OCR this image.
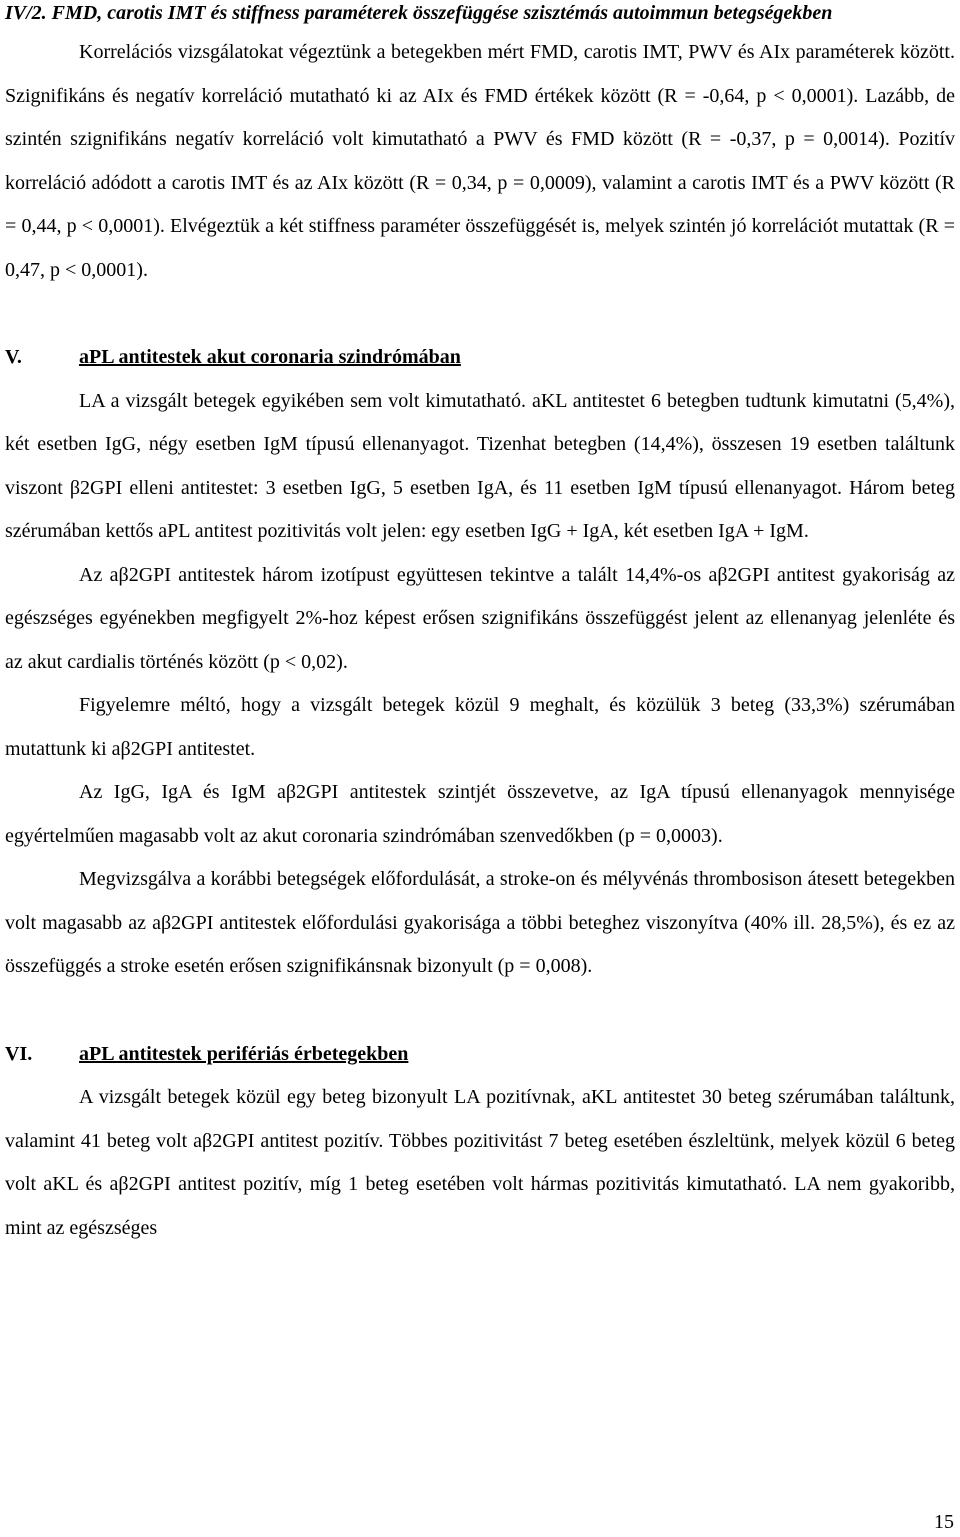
IV/2. FMD, carotis IMT és stiffness paraméterek összefüggése szisztémás autoimmun betegségekben

Korrelációs vizsgálatokat végeztünk a betegekben mért FMD, carotis IMT, PWV és AIx paraméterek között. Szignifikáns és negatív korreláció mutatható ki az AIx és FMD értékek között (R = -0,64, p < 0,0001). Lazább, de szintén szignifikáns negatív korreláció volt kimutatható a PWV és FMD között (R = -0,37, p = 0,0014). Pozitív korreláció adódott a carotis IMT és az AIx között (R = 0,34, p = 0,0009), valamint a carotis IMT és a PWV között (R = 0,44, p < 0,0001). Elvégeztük a két stiffness paraméter összefüggését is, melyek szintén jó korrelációt mutattak (R = 0,47, p < 0,0001).

V.	aPL antitestek akut coronaria szindrómában

LA a vizsgált betegek egyikében sem volt kimutatható. aKL antitestet 6 betegben tudtunk kimutatni (5,4%), két esetben IgG, négy esetben IgM típusú ellenanyagot. Tizenhat betegben (14,4%), összesen 19 esetben találtunk viszont β2GPI elleni antitestet: 3 esetben IgG, 5 esetben IgA, és 11 esetben IgM típusú ellenanyagot. Három beteg szérumában kettős aPL antitest pozitivitás volt jelen: egy esetben IgG + IgA, két esetben IgA + IgM.

Az aβ2GPI antitestek három izotípust együttesen tekintve a talált 14,4%-os aβ2GPI antitest gyakoriság az egészséges egyénekben megfigyelt 2%-hoz képest erősen szignifikáns összefüggést jelent az ellenanyag jelenléte és az akut cardialis történés között (p < 0,02).

Figyelemre méltó, hogy a vizsgált betegek közül 9 meghalt, és közülük 3 beteg (33,3%) szérumában mutattunk ki aβ2GPI antitestet.

Az IgG, IgA és IgM aβ2GPI antitestek szintjét összevetve, az IgA típusú ellenanyagok mennyisége egyértelműen magasabb volt az akut coronaria szindrómában szenvedőkben (p = 0,0003).

Megvizsgálva a korábbi betegségek előfordulását, a stroke-on és mélyvénás thrombosison átesett betegekben volt magasabb az aβ2GPI antitestek előfordulási gyakorisága a többi beteghez viszonyítva (40% ill. 28,5%), és ez az összefüggés a stroke esetén erősen szignifikánsnak bizonyult (p = 0,008).

VI.	aPL antitestek perifériás érbetegekben

A vizsgált betegek közül egy beteg bizonyult LA pozitívnak, aKL antitestet 30 beteg szérumában találtunk, valamint 41 beteg volt aβ2GPI antitest pozitív. Többes pozitivitást 7 beteg esetében észleltünk, melyek közül 6 beteg volt aKL és aβ2GPI antitest pozitív, míg 1 beteg esetében volt hármas pozitivitás kimutatható. LA nem gyakoribb, mint az egészséges

15
